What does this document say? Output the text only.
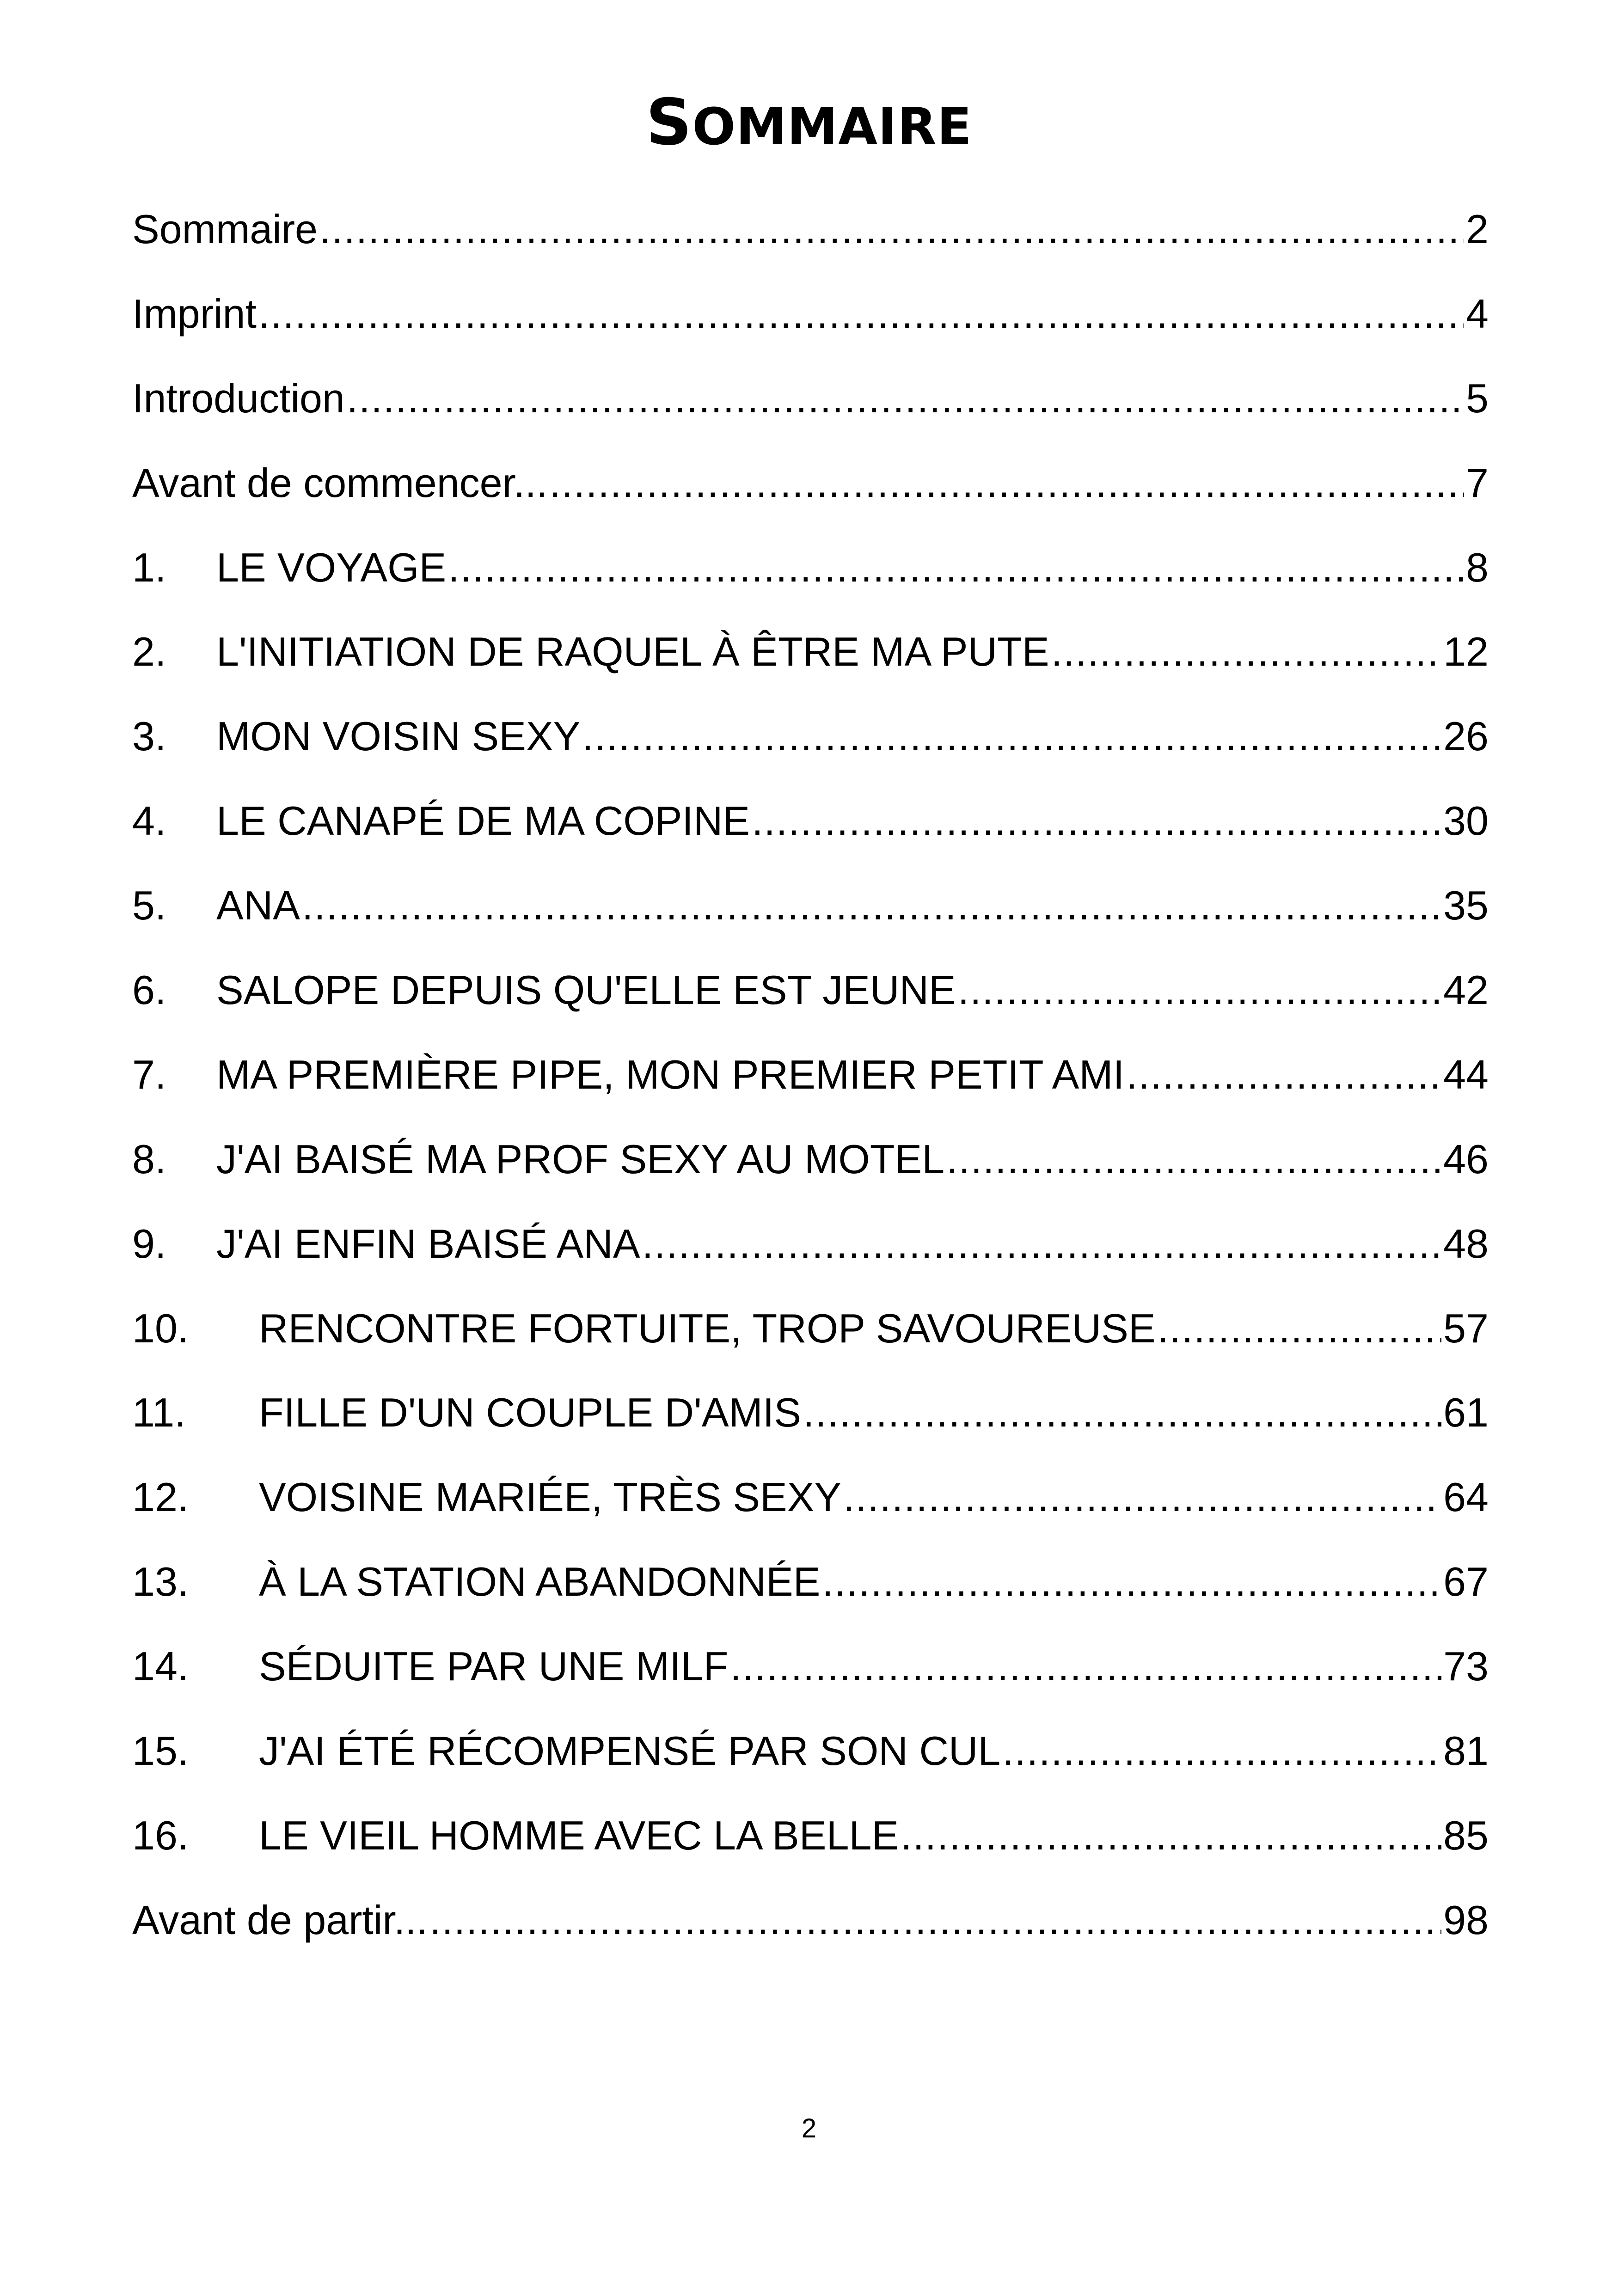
SOMMAIRE
Sommaire .....	2
Imprint .....	4
Introduction .....	5
Avant de commencer... .....	7
1.	LE VOYAGE .....	8
2.	L'INITIATION DE RAQUEL À ÊTRE MA PUTE .....	12
3.	MON VOISIN SEXY .....	26
4.	LE CANAPÉ DE MA COPINE .....	30
5.	ANA .....	35
6.	SALOPE DEPUIS QU'ELLE EST JEUNE .....	42
7.	MA PREMIÈRE PIPE, MON PREMIER PETIT AMI .....	44
8.	J'AI BAISÉ MA PROF SEXY AU MOTEL .....	46
9.	J'AI ENFIN BAISÉ ANA .....	48
10.	RENCONTRE FORTUITE, TROP SAVOUREUSE .....	57
11.	FILLE D'UN COUPLE D'AMIS .....	61
12.	VOISINE MARIÉE, TRÈS SEXY .....	64
13.	À LA STATION ABANDONNÉE .....	67
14.	SÉDUITE PAR UNE MILF .....	73
15.	J'AI ÉTÉ RÉCOMPENSÉ PAR SON CUL .....	81
16.	LE VIEIL HOMME AVEC LA BELLE .....	85
Avant de partir... .....	98
2
